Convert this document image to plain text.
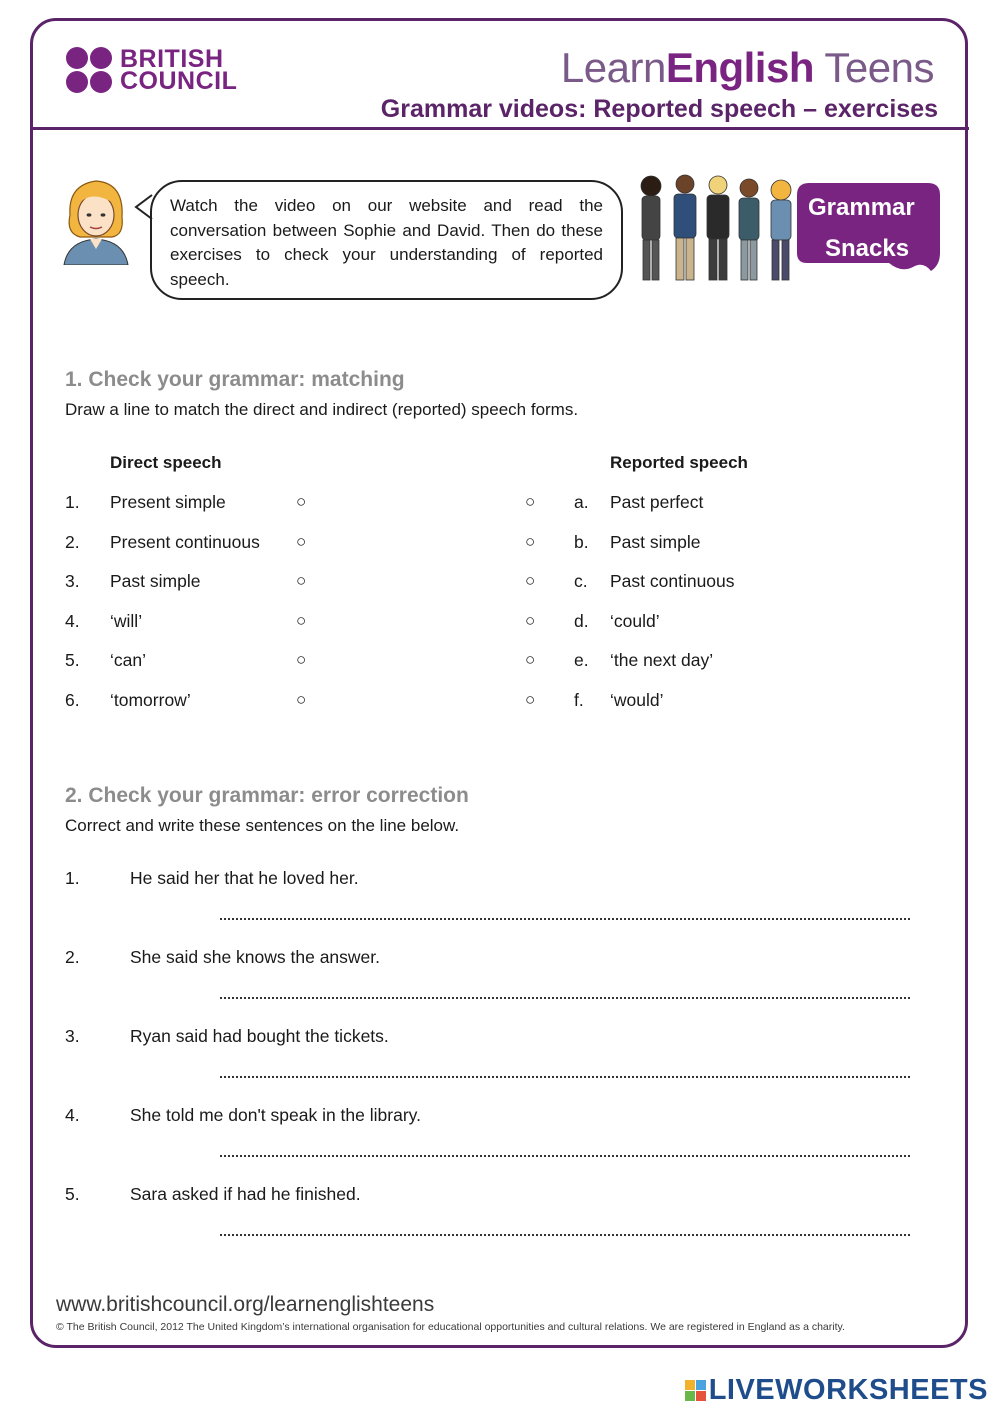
BRITISH
COUNCIL	LearnEnglish Teens
Grammar videos: Reported speech – exercises
Watch the video on our website and read the conversation between Sophie and David. Then do these exercises to check your understanding of reported speech.
Grammar
Snacks
1. Check your grammar: matching
Draw a line to match the direct and indirect (reported) speech forms.
Direct speech	Reported speech
1. Present simple	○	○ a. Past perfect
2. Present continuous ○	○ b. Past simple
3. Past simple	○	○ c. Past continuous
4. ‘will’	○	○ d. ‘could’
5. ‘can’	○	○ e. ‘the next day’
6. ‘tomorrow’	○	○ f. ‘would’
2. Check your grammar: error correction
Correct and write these sentences on the line below.
1.	He said her that he loved her.
2.	She said she knows the answer.
3.	Ryan said had bought the tickets.
4.	She told me don't speak in the library.
5.	Sara asked if had he finished.
www.britishcouncil.org/learnenglishteens
© The British Council, 2012 The United Kingdom’s international organisation for educational opportunities and cultural relations. We are registered in England as a charity.
LIVEWORKSHEETS
